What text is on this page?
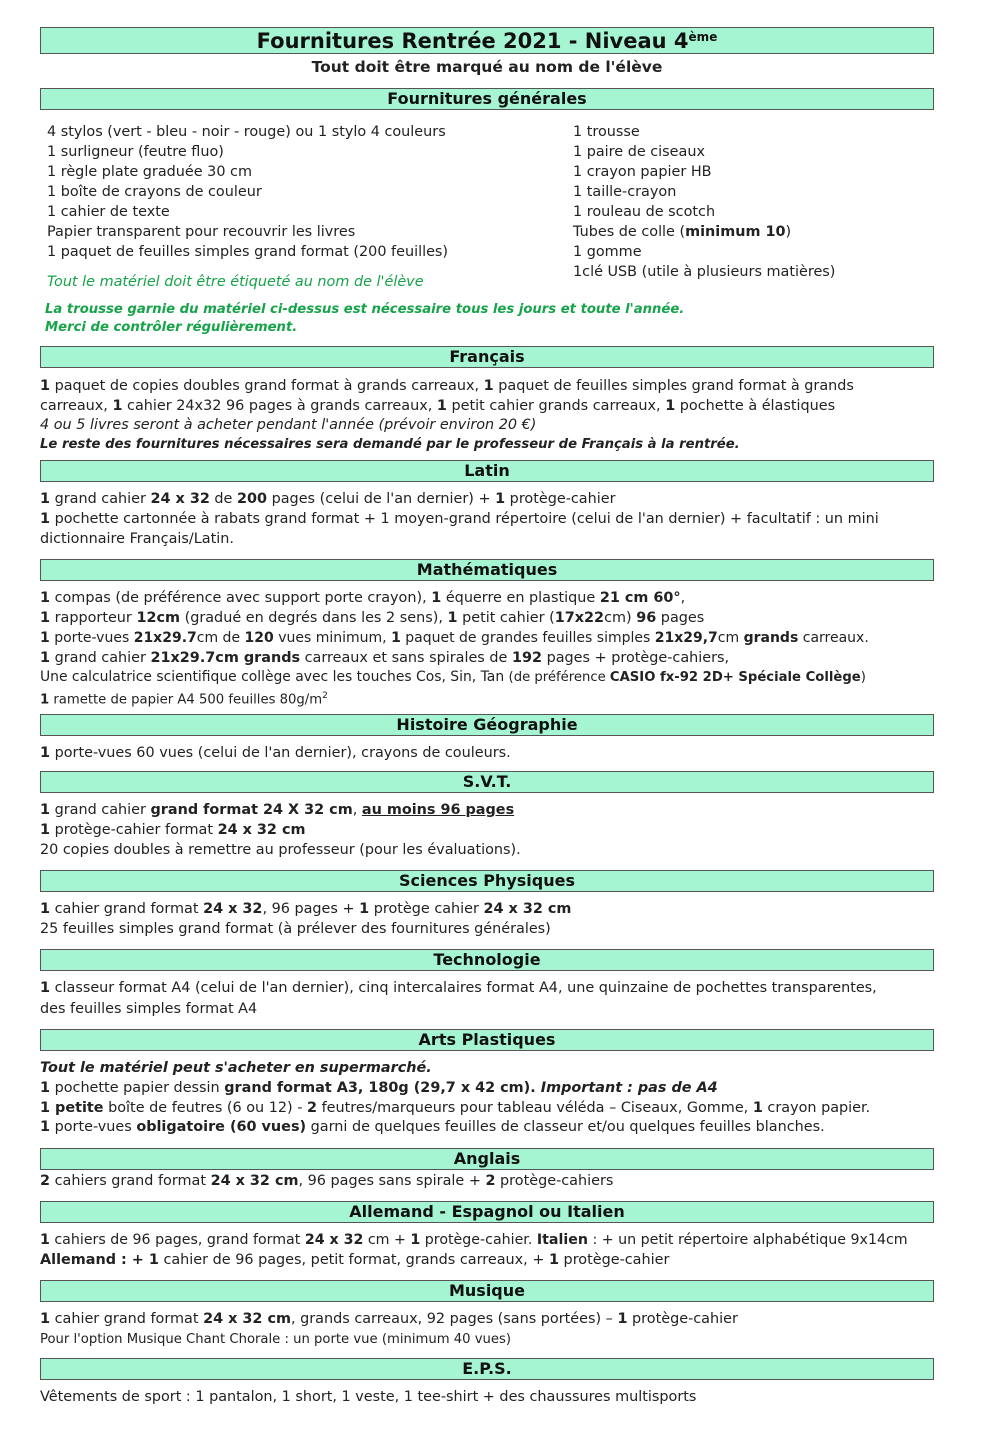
Fournitures Rentrée 2021 - Niveau 4ème
Tout doit être marqué au nom de l'élève
Fournitures générales
4 stylos (vert - bleu - noir - rouge) ou 1 stylo 4 couleurs
1 surligneur (feutre fluo)
1 règle plate graduée 30 cm
1 boîte de crayons de couleur
1 cahier de texte
Papier transparent pour recouvrir les livres
1 paquet de feuilles simples grand format (200 feuilles)
Tout le matériel doit être étiqueté au nom de l'élève
1 trousse
1 paire de ciseaux
1 crayon papier HB
1 taille-crayon
1 rouleau de scotch
Tubes de colle (minimum 10)
1 gomme
1clé USB (utile à plusieurs matières)
La trousse garnie du matériel ci-dessus est nécessaire tous les jours et toute l'année.
Merci de contrôler régulièrement.
Français
1 paquet de copies doubles grand format à grands carreaux, 1 paquet de feuilles simples grand format à grands
carreaux, 1 cahier 24x32 96 pages à grands carreaux, 1 petit cahier grands carreaux, 1 pochette à élastiques
4 ou 5 livres seront à acheter pendant l'année (prévoir environ 20 €)
Le reste des fournitures nécessaires sera demandé par le professeur de Français à la rentrée.
Latin
1 grand cahier 24 x 32 de 200 pages (celui de l'an dernier) + 1 protège-cahier
1 pochette cartonnée à rabats grand format + 1 moyen-grand répertoire (celui de l'an dernier) + facultatif : un mini
dictionnaire Français/Latin.
Mathématiques
1 compas (de préférence avec support porte crayon), 1 équerre en plastique 21 cm 60°,
1 rapporteur 12cm (gradué en degrés dans les 2 sens), 1 petit cahier (17x22cm) 96 pages
1 porte-vues 21x29.7cm de 120 vues minimum, 1 paquet de grandes feuilles simples 21x29,7cm grands carreaux.
1 grand cahier 21x29.7cm grands carreaux et sans spirales de 192 pages + protège-cahiers,
Une calculatrice scientifique collège avec les touches Cos, Sin, Tan (de préférence CASIO fx-92 2D+ Spéciale Collège)
1 ramette de papier A4 500 feuilles $80g/m^2$
Histoire Géographie
1 porte-vues 60 vues (celui de l'an dernier), crayons de couleurs.
S.V.T.
1 grand cahier grand format 24 X 32 cm, au moins 96 pages
1 protège-cahier format 24 x 32 cm
20 copies doubles à remettre au professeur (pour les évaluations).
Sciences Physiques
1 cahier grand format 24 x 32, 96 pages + 1 protège cahier 24 x 32 cm
25 feuilles simples grand format (à prélever des fournitures générales)
Technologie
1 classeur format A4 (celui de l'an dernier), cinq intercalaires format A4, une quinzaine de pochettes transparentes,
des feuilles simples format A4
Arts Plastiques
Tout le matériel peut s'acheter en supermarché.
1 pochette papier dessin grand format A3, 180g (29,7 x 42 cm). Important : pas de A4
1 petite boîte de feutres (6 ou 12) - 2 feutres/marqueurs pour tableau véléda – Ciseaux, Gomme, 1 crayon papier.
1 porte-vues obligatoire (60 vues) garni de quelques feuilles de classeur et/ou quelques feuilles blanches.
Anglais
2 cahiers grand format 24 x 32 cm, 96 pages sans spirale + 2 protège-cahiers
Allemand - Espagnol ou Italien
1 cahiers de 96 pages, grand format 24 x 32 cm + 1 protège-cahier. Italien : + un petit répertoire alphabétique 9x14cm
Allemand : + 1 cahier de 96 pages, petit format, grands carreaux, + 1 protège-cahier
Musique
1 cahier grand format 24 x 32 cm, grands carreaux, 92 pages (sans portées) – 1 protège-cahier
Pour l'option Musique Chant Chorale : un porte vue (minimum 40 vues)
E.P.S.
Vêtements de sport : 1 pantalon, 1 short, 1 veste, 1 tee-shirt + des chaussures multisports
